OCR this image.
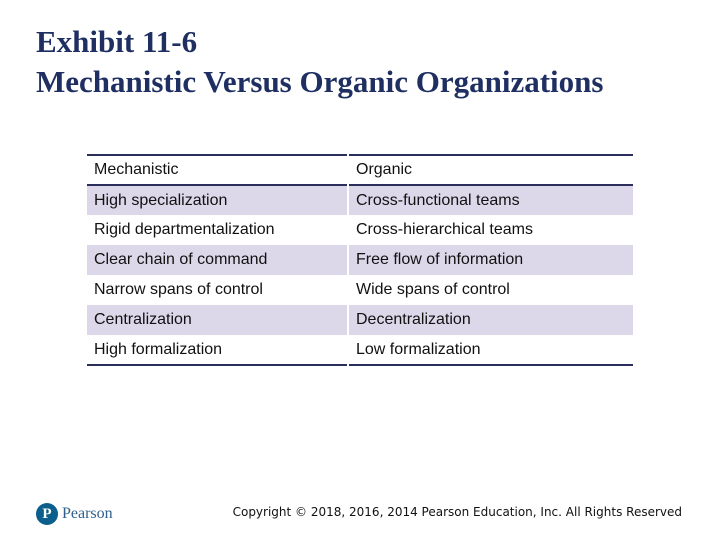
Exhibit 11-6
Mechanistic Versus Organic Organizations
Mechanistic	Organic
High specialization	Cross-functional teams
Rigid departmentalization	Cross-hierarchical teams
Clear chain of command	Free flow of information
Narrow spans of control	Wide spans of control
Centralization	Decentralization
High formalization	Low formalization
P Pearson	Copyright © 2018, 2016, 2014 Pearson Education, Inc. All Rights Reserved
